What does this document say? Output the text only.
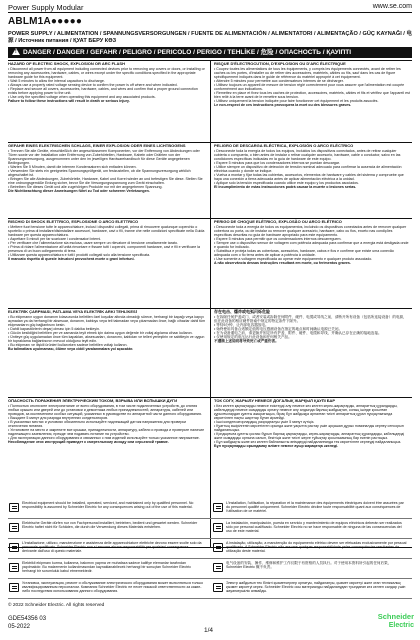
Power Supply Modular	www.se.com
ABLM1A●●●●●
POWER SUPPLY / ALIMENTATION / SPANNUNGSVERSORGUNGEN / FUENTE DE ALIMENTACIÓN / ALIMENTATORI / ALIMENTAÇÃO / GÜÇ KAYNAĞI / 电源 / Источник питания / ҚУАТ БЕРУ КӨЗ
!DANGER / DANGER / GEFAHR / PELIGRO / PERICOLO / PERIGO / TEHLİKE / 危险 / ОПАСНОСТЬ / ҚАУІПТІ
HAZARD OF ELECTRIC SHOCK, EXPLOSION OR ARC FLASH

• Disconnect all power from all equipment including connected devices prior to removing any covers or doors, or installing or removing any accessories, hardware, cables, or wires except under the specific conditions specified in the appropriate hardware guide for this equipment.

• Wait 5 minutes to allow the internal capacitors to discharge.

• Always use a properly rated voltage sensing device to confirm the power is off where and when indicated.

• Replace and secure all covers, accessories, hardware, cables, and wires and confirm that a proper ground connection exists before applying power to the unit.

• Use only the specified voltage when operating this equipment and any associated products.

Failure to follow these instructions will result in death or serious injury.

RISQUE D'ÉLECTROCUTION, D'EXPLOSION OU D'ARC ÉLECTRIQUE

• Coupez toutes les alimentations de tous les équipements, y compris les équipements connectés, avant de retirer les caches ou les portes, d'installer ou de retirer des accessoires, matériels, câbles ou fils, sauf dans les cas de figure spécifiquement indiqués dans le guide de référence du matériel approprié à cet équipement.

• Attendre 5 minutes pour permettre aux condensateurs internes de se décharger.

• Utilisez toujours un appareil de mesure de tension réglé correctement pour vous assurer que l'alimentation est coupée conformément aux indications.

• Remettez en place et fixez tous les caches de protection, accessoires, matériels, câbles et fils et vérifiez que l'appareil est bien relié à la terre avant de le remettre sous tension.

• Utilisez uniquement la tension indiquée pour faire fonctionner cet équipement et les produits associés.

Le non-respect de ces instructions provoquera la mort ou des blessures graves.

GEFAHR EINES ELEKTRISCHEN SCHLAGS, EINER EXPLOSION ODER EINES LICHTBOGENS

• Trennen Sie alle Geräte, einschließlich der angeschlossenen Komponenten, vor der Entfernung von Abdeckungen oder Türen sowie vor der Installation oder Entfernung von Zubehörteilen, Hardware, Kabeln oder Drähten von der Spannungsversorgung, ausgenommen unter den im jeweiligen Hardwarehandbuch für diese Geräte angegebenen Bedingungen.

• Warten Sie 5 Minuten, damit die internen Kondensatoren sich entladen können.

• Verwenden Sie stets ein geeignetes Spannungsprüfgerät, um festzustellen, ob die Spannungsversorgung wirklich abgeschaltet ist.

• Bringen Sie alle Abdeckungen, Zubehörteile, Hardware, Kabel und Korrei wieder an und befestigen Sie diese. Stellen Sie eine ordnungsgemäße Erdung sicher, bevor Sie die Versorgungsspannung zum Gerät einschalten.

• Betreiben Sie dieses Gerät und alle zugehörigen Produkte nur mit der angegebenen Spannung.

Die Nichtbeachtung dieser Anweisungen führt zu Tod oder schweren Verletzungen.

PELIGRO DE DESCARGA ELÉCTRICA, EXPLOSIÓN O ARCO ELÉCTRICO

• Desconecte toda la energía de todos los equipos, incluidos los dispositivos conectados, antes de retirar cualquier cubierta o compuerta, o bien antes de instalar o retirar cualquier accesorio, hardware, cable o conductor, salvo en las condiciones específicas indicadas en la guía de hardware de este equipo.

• Espere 5 minutos para que los condensadores internos se puedan descargar.

• Utilice siempre un dispositivo de detección de tensión nominal adecuado para confirmar la ausencia de alimentación eléctrica cuando y donde se indique.

• Vuelva a montar y fijar todas las cubiertas, accesorios, elementos de hardware y cables del sistema y compruebe que haya una conexión a tierra adecuada antes de aplicar alimentación eléctrica a la unidad.

• Aplique solo la tensión especificada cuando utilice este equipo y los productos asociados.

El incumplimiento de estas instrucciones podrá causar la muerte o lesiones serias.

RISCHIO DI SHOCK ELETTRICO, ESPLOSIONE O ARCO ELETTRICO

• Mettere fuori tensione tutte le apparecchiature, inclusi i dispositivi collegati, prima di rimuovere qualunque coperchio o sportello o prima di installare/disinstallare accessori, hardware, cavi o fili, tranne che nelle condizioni specificate nella Guida hardware per questa apparecchiatura.

• Aspettare 5 minuti per far scaricare i condensatori interni.

• Per verificare che l'alimentazione sia esclusa, usare sempre un rilevatore di tensione ornaltamente tarato.

• Prima di ridare l'alimentazione all'unità rimontare e fissare tutti i coperchi, componenti hardware, cavi e fili e verificare la presenza di un buon collegamento di terra.

• Utilizzare questa apparecchiatura e tutti i prodotti collegati solo alla tensione specificata.

Il mancato rispetto di queste istruzioni provocherà morte o gravi infortuni.

PERIGO DE CHOQUE ELÉTRICO, EXPLOSÃO OU ARCO ELÉTRICO

• Desconecte toda a energia de todos os equipamentos, incluindo os dispositivos conectados antes de remover qualquer cobertura ou porta, ou de instalar ou remover qualquer acessório, hardware, cabo ou fios, exceto nas condições específicas descritas no guia de hardware apropriado para este equipamento.

• Espere 5 minutos para permitir que os condensadores internos descarreguem.

• Sempre use o dispositivo sensor de voltagem com potência adequada para confirmar que a energia está desligada onde e quando for indicado.

• Substitua e proteja todas as coberturas, acessórios, hardware, cabos e fios e confirme que existe uma conexão adequada com o fio terra antes de aplicar a potência à unidade.

• Use somente a voltagem especificada ao operar este equipamento e qualquer produto associado.

A não observância dessas instruções resultará em morte, ou ferimentos graves.

ELEKTRİK ÇARPMASI, PATLAMA VEYA ELEKTRİK ARKI TEHLİKESİ

• Bu ekipmanın uygun donanım kılavuzunda belirtilen özel koşullar altında olmadığı sürece, herhangi bir kapağı veya kapıyı açmadan ya da herhangi bir aksesuar, donanım, kabloyu veya teli takmadan veya çıkarmadan önce, bağlı cihazlar dahil tüm ekipmanların güç bağlantısını kesin.

• Dahili kapasitörlerin deşarj olması için 5 dakika bekleyin.

• Gücün kesildiğini belirtilen yer ve zamanda teyit etmek için daima uygun değerde bir voltaj algılama cihazı kullanın.

• Üniteye güç uygulamadan önce tüm kapakları, aksesuarları, donanımı, kabloları ve telleri yerleştirin ve sabitleyin ve uygun bir topraklama bağlantısının mevcut olduğunu teyit edin.

• Bu ekipmanı ve ilişkili ürünleri kullanırken sadece belirtilen voltajı kullanın.

Bu talimatlara uyulmaması, ölüme veya ciddi yaralanmalara yol açacaktır.

存在电击、爆炸或电弧闪烁危险

• 在拆除任何护盖或门、或者安装或拆除任何附件、硬件、电缆或导线之前，请断开所有设备（包括所连接设备）的电源，但在此设备的相应硬件指南中规定的特定条件下除外。

• 等待5分钟，让内部电容器放电。

• 始终使用具备合适额定值的电压感测设备在指定的地点和时间确认电源已关闭。

• 在为设备通电之前，请更换并固定所有护盖、附件、硬件、电缆和导线，并确认已存在正确的接地连接。

• 仅使用规定的电压运行此设备和任何相关产品。

不遵循上述说明将导致死亡或严重伤害。

ОПАСНОСТЬ ПОРАЖЕНИЯ ЭЛЕКТРИЧЕСКИМ ТОКОМ, ВЗРЫВА ИЛИ ВСПЫШКИ ДУГИ

• Полностью отключите электропитание от всего оборудования, в том числе подключенных устройств, до снятия любых крышек или дверей или до установки и демонтажа любых принадлежностей, аппаратуры, кабелей или проводов, за исключением особых ситуаций, указанных в руководстве по аппаратной части данного оборудования.

• Выждите 5 минут для разряда внутренних конденсаторов.

• В указанных местах и условиях обязательно используйте надлежащий датчик напряжения для проверки отключения питания.

• Установите на место и закрепите все крышки, принадлежности, аппаратуру, кабели и провода и проверьте наличие надлежащего заземления, прежде чем подавать питание на устройство.

• Для эксплуатации данного оборудования и связанных с ним изделий используйте только указанное напряжение.

Несоблюдение этих инструкций приведет к смертельному исходу или серьезной травме.

ТОК СОҒУ, ЖАРЫЛУ НЕМЕСЕ ДОҒАЛЫҚ ЖАРҚЫЛ ҚАУПІ БАР

• Кез келген қақпақтарды немесе есіктерді алу немесе кез келген керек-жарақтарды, аппараттық құралдарды, кабельдерді немесе сымдарды орнату немесе алу алдында барлық жабдықтан, соның ішінде қосылған құрылғылардан қуатты ажыратыңыз, бірақ бұл жабдыққа арналған тиісті аппараттық құрал нұсқаулығында көрсетілген нақты шарттар бұған кірмейді.

• Ішкі конденсаторлардың разрядталуы үшін 5 минут күтіңіз.

• Қуаттың өшірілгенін көрсетілген орында және уақытта растау үшін әрқашан дұрыс номиналды кернеу сенсорын пайдаланыңыз.

• Қондырғыға қуатты қоспас бұрын барлық қақпақтарды, керек-жарақтарды, аппараттық құралдарды, кабельдерді және сымдарды орнына салып, бекітіңіз және тиісті жерге тұйықтау қосылымының бар екенін растаңыз.

• Бұл жабдықты және кез келген байланысты өнімдерді пайдаланғанда тек көрсетілген кернеуді пайдаланыңыз.

Бұл нұсқауларды орындамау өлімге немесе ауыр жарақатқа әкеледі.

Electrical equipment should be installed, operated, serviced, and maintained only by qualified personnel. No responsibility is assumed by Schneider Electric for any consequences arising out of the use of this material.
L'installation, l'utilisation, la réparation et la maintenance des équipements électriques doivent être assurées par du personnel qualifié uniquement. Schneider Electric décline toute responsabilité quant aux conséquences de l'utilisation de ce matériel.
Elektrische Geräte dürfen nur von Fachpersonal installiert, betrieben, bedient und gewartet werden. Schneider Electric haftet nicht für Schäden, die durch die Verwendung dieses Materials entstehen.
La instalación, manipulación, puesta en servicio y mantenimiento de equipos eléctricos deberán ser realizados sólo por personal cualificado. Schneider Electric no se hace responsable de ninguna de las consecuencias del uso de este material.
L'installazione, utilizzo, manutenzione e assistenza delle apparecchiature elettriche devono essere svolte solo da personale qualificato. Schneider Electric non si assume alcuna responsabilità per qualsiasi conseguenza derivante dall'uso di questo materiale.
A instalação, utilização, a manutenção do equipamento elétrico devem ser efetuadas exclusivamente por pessoal qualificado. A Schneider Electric não assume qualquer responsabilidade pelas consequências resultantes da utilização deste material.
Elektrikli ekipmanı kurma, kullanma, bakımını yapma ve muhafaza sadece kalifiye elemanlar tarafından yapılmalıdır. Bu malzemenin kullanılmasından kaynaklanabilecek herhangi bir sonuçtan Schneider Electric herhangi bir sorumluluk kabul etmemektedir.
电气设备的安装、操作、维修和维护工作仅限于有资格的人员执行。对于使用本资料所引起的任何后果，Schneider Electric 概不负责。
Установка, эксплуатация, ремонт и обслуживание электрического оборудования может выполняться только квалифицированным персоналом. Компания Schneider Electric не несет никакой ответственности за какие-либо последствия использования данного оборудования.
Электр жабдығын тек білікті қызметкерлер орнатуы, пайдалануы, қызмет көрсетуі және оған техникалық қызмет көрсетуі керек. Schneider Electric осы материалды пайдаланудан туындаған кез келген салдар үшін жауапкершілік алмайды.
© 2022 Schneider Electric. All rights reserved
GDE54356 03
05-2022
1/4
Schneider
Electric
